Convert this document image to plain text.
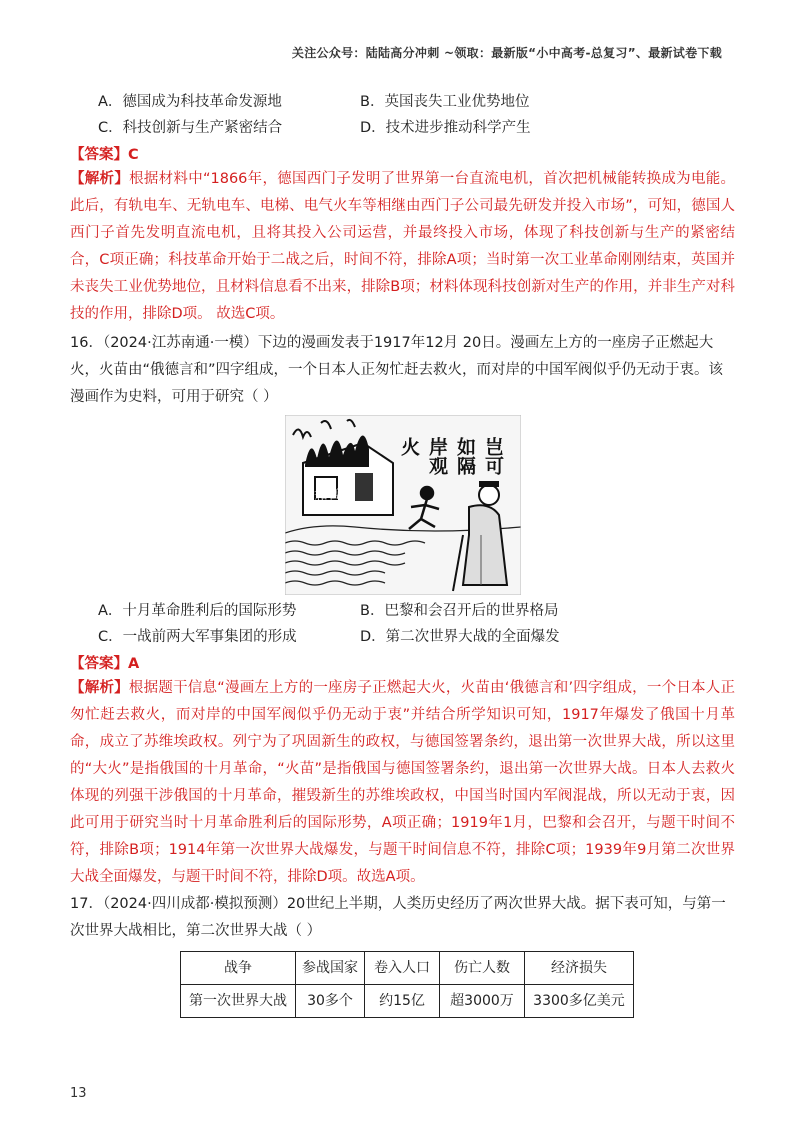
关注公众号：陆陆高分冲刺 ~领取：最新版“小中高考-总复习”、最新试卷下载
A．德国成为科技革命发源地	B．英国丧失工业优势地位
C．科技创新与生产紧密结合	D．技术进步推动科学产生
【答案】C

【解析】根据材料中“1866年，德国西门子发明了世界第一台直流电机，首次把机械能转换成为电能。此后，有轨电车、无轨电车、电梯、电气火车等相继由西门子公司最先研发并投入市场”，可知，德国人西门子首先发明直流电机，且将其投入公司运营，并最终投入市场，体现了科技创新与生产的紧密结合，C项正确；科技革命开始于二战之后，时间不符，排除A项；当时第一次工业革命刚刚结束，英国并未丧失工业优势地位，且材料信息看不出来，排除B项；材料体现科技创新对生产的作用，并非生产对科技的作用，排除D项。 故选C项。

16．（2024·江苏南通·一模）下边的漫画发表于1917年12月 20日。漫画左上方的一座房子正燃起大火，火苗由“俄德言和”四字组成，一个日本人正匆忙赶去救火，而对岸的中国军阀似乎仍无动于衷。该漫画作为史料，可用于研究（ ）

和言
岂可
如隔
岸观
火
A．十月革命胜利后的国际形势	B．巴黎和会召开后的世界格局
C．一战前两大军事集团的形成	D．第二次世界大战的全面爆发
【答案】A

【解析】根据题干信息“漫画左上方的一座房子正燃起大火，火苗由‘俄德言和’四字组成，一个日本人正匆忙赶去救火，而对岸的中国军阀似乎仍无动于衷”并结合所学知识可知，1917年爆发了俄国十月革命，成立了苏维埃政权。列宁为了巩固新生的政权，与德国签署条约，退出第一次世界大战，所以这里的“大火”是指俄国的十月革命，“火苗”是指俄国与德国签署条约，退出第一次世界大战。日本人去救火体现的列强干涉俄国的十月革命，摧毁新生的苏维埃政权，中国当时国内军阀混战，所以无动于衷，因此可用于研究当时十月革命胜利后的国际形势，A项正确；1919年1月，巴黎和会召开，与题干时间不符，排除B项；1914年第一次世界大战爆发，与题干时间信息不符，排除C项；1939年9月第二次世界大战全面爆发，与题干时间不符，排除D项。故选A项。

17．（2024·四川成都·模拟预测）20世纪上半期，人类历史经历了两次世界大战。据下表可知，与第一次世界大战相比，第二次世界大战（ ）

战争	参战国家	卷入人口	伤亡人数	经济损失
第一次世界大战	30多个	约15亿	超3000万	3300多亿美元
13
